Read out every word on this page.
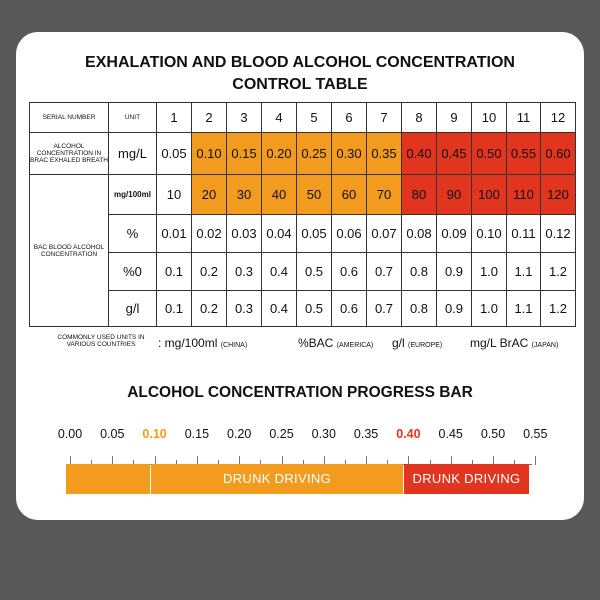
EXHALATION AND BLOOD ALCOHOL CONCENTRATION
CONTROL TABLE
SERIAL NUMBER	UNIT	1	2	3	4	5	6	7	8	9	10	11	12
ALCOHOL CONCENTRATION IN BRAC EXHALED BREATH	mg/L	0.05	0.10	0.15	0.20	0.25	0.30	0.35	0.40	0.45	0.50	0.55	0.60
BAC BLOOD ALCOHOL CONCENTRATION	mg/100ml	10	20	30	40	50	60	70	80	90	100	110	120
	%	0.01	0.02	0.03	0.04	0.05	0.06	0.07	0.08	0.09	0.10	0.11	0.12
	%0	0.1	0.2	0.3	0.4	0.5	0.6	0.7	0.8	0.9	1.0	1.1	1.2
	g/l	0.1	0.2	0.3	0.4	0.5	0.6	0.7	0.8	0.9	1.0	1.1	1.2
COMMONLY USED UNITS IN VARIOUS COUNTRIES	: mg/100ml (CHINA)	%BAC (AMERICA) g/l (EUROPE) mg/L BrAC (JAPAN)
ALCOHOL CONCENTRATION PROGRESS BAR
0.00 0.05 0.10 0.15 0.20 0.25 0.30 0.35 0.40 0.45 0.50 0.55
DRUNK DRIVING	DRUNK DRIVING
